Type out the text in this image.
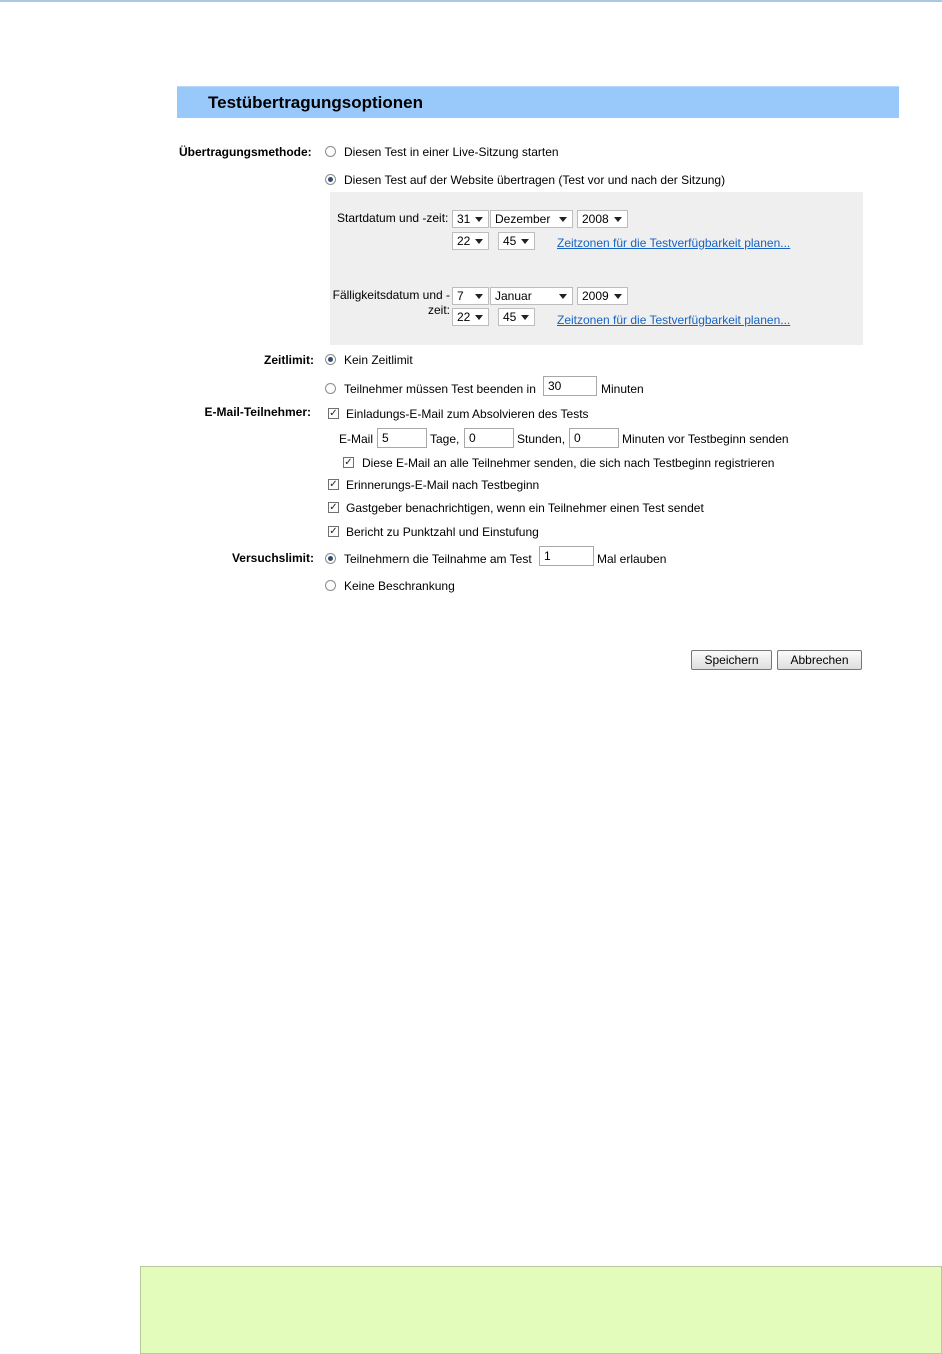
Testübertragungsoptionen
Übertragungsmethode:	Diesen Test in einer Live-Sitzung starten
Diesen Test auf der Website übertragen (Test vor und nach der Sitzung)
Startdatum und -zeit: 31	Dezember	2008
22	45	Zeitzonen für die Testverfügbarkeit planen...
Fälligkeitsdatum und -
zeit:
7	Januar	2009
22	45	Zeitzonen für die Testverfügbarkeit planen...
Zeitlimit:	Kein Zeitlimit
Teilnehmer müssen Test beenden in	30	Minuten
E-Mail-Teilnehmer: ✓ Einladungs-E-Mail zum Absolvieren des Tests
E-Mail 5	Tage, 0	Stunden, 0	Minuten vor Testbeginn senden
✓ Diese E-Mail an alle Teilnehmer senden, die sich nach Testbeginn registrieren
✓ Erinnerungs-E-Mail nach Testbeginn
✓ Gastgeber benachrichtigen, wenn ein Teilnehmer einen Test sendet
✓ Bericht zu Punktzahl und Einstufung
Versuchslimit:	Teilnehmern die Teilnahme am Test	1	Mal erlauben
Keine Beschrankung
Speichern	Abbrechen
